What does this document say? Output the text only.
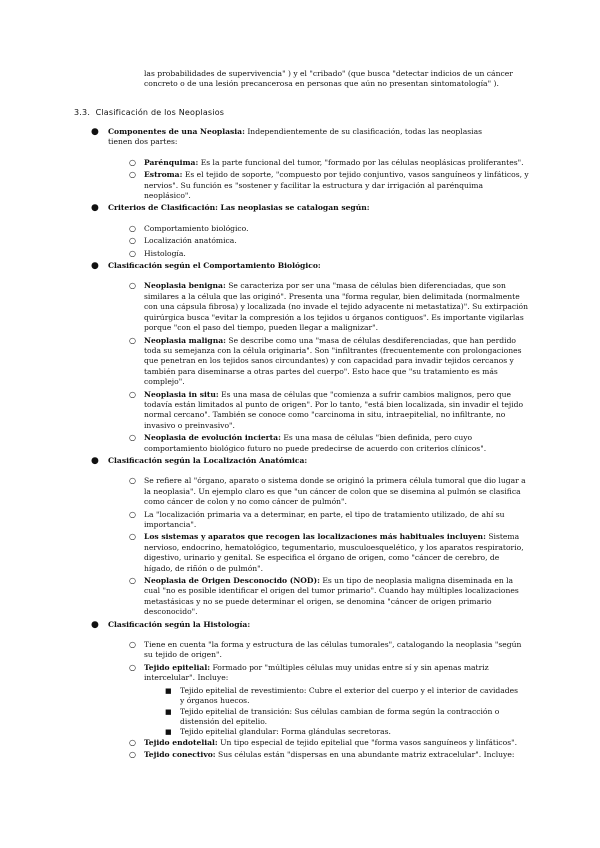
las probabilidades de supervivencia" ) y el "cribado" (que busca "detectar indicios de un cáncer concreto o de una lesión precancerosa en personas que aún no presentan sintomatología" ).
3.3. Clasificación de los Neoplasios
● Componentes de una Neoplasia: Independientemente de su clasificación, todas las neoplasias tienen dos partes:
○ Parénquima: Es la parte funcional del tumor, "formado por las células neoplásicas proliferantes".
○ Estroma: Es el tejido de soporte, "compuesto por tejido conjuntivo, vasos sanguíneos y linfáticos, y nervios". Su función es "sostener y facilitar la estructura y dar irrigación al parénquima neoplásico".
● Criterios de Clasificación: Las neoplasias se catalogan según:
○ Comportamiento biológico.
○ Localización anatómica.
○ Histología.
● Clasificación según el Comportamiento Biológico:
○ Neoplasia benigna: Se caracteriza por ser una "masa de células bien diferenciadas, que son similares a la célula que las originó". Presenta una "forma regular, bien delimitada (normalmente con una cápsula fibrosa) y localizada (no invade el tejido adyacente ni metastatiza)". Su extirpación quirúrgica busca "evitar la compresión a los tejidos u órganos contiguos". Es importante vigilarlas porque "con el paso del tiempo, pueden llegar a malignizar".
○ Neoplasia maligna: Se describe como una "masa de células desdiferenciadas, que han perdido toda su semejanza con la célula originaria". Son "infiltrantes (frecuentemente con prolongaciones que penetran en los tejidos sanos circundantes) y con capacidad para invadir tejidos cercanos y también para diseminarse a otras partes del cuerpo". Esto hace que "su tratamiento es más complejo".
○ Neoplasia in situ: Es una masa de células que "comienza a sufrir cambios malignos, pero que todavía están limitados al punto de origen". Por lo tanto, "está bien localizada, sin invadir el tejido normal cercano". También se conoce como "carcinoma in situ, intraepitelial, no infiltrante, no invasivo o preinvasivo".
○ Neoplasia de evolución incierta: Es una masa de células "bien definida, pero cuyo comportamiento biológico futuro no puede predecirse de acuerdo con criterios clínicos".
● Clasificación según la Localización Anatómica:
○ Se refiere al "órgano, aparato o sistema donde se originó la primera célula tumoral que dio lugar a la neoplasia". Un ejemplo claro es que "un cáncer de colon que se disemina al pulmón se clasifica como cáncer de colon y no como cáncer de pulmón".
○ La "localización primaria va a determinar, en parte, el tipo de tratamiento utilizado, de ahí su importancia".
○ Los sistemas y aparatos que recogen las localizaciones más habituales incluyen: Sistema nervioso, endocrino, hematológico, tegumentario, musculoesquelético, y los aparatos respiratorio, digestivo, urinario y genital. Se especifica el órgano de origen, como "cáncer de cerebro, de hígado, de riñón o de pulmón".
○ Neoplasia de Origen Desconocido (NOD): Es un tipo de neoplasia maligna diseminada en la cual "no es posible identificar el origen del tumor primario". Cuando hay múltiples localizaciones metastásicas y no se puede determinar el origen, se denomina "cáncer de origen primario desconocido".
● Clasificación según la Histología:
○ Tiene en cuenta "la forma y estructura de las células tumorales", catalogando la neoplasia "según su tejido de origen".
○ Tejido epitelial: Formado por "múltiples células muy unidas entre sí y sin apenas matriz intercelular". Incluye:
■ Tejido epitelial de revestimiento: Cubre el exterior del cuerpo y el interior de cavidades y órganos huecos.
■ Tejido epitelial de transición: Sus células cambian de forma según la contracción o distensión del epitelio.
■ Tejido epitelial glandular: Forma glándulas secretoras.
○ Tejido endotelial: Un tipo especial de tejido epitelial que "forma vasos sanguíneos y linfáticos".
○ Tejido conectivo: Sus células están "dispersas en una abundante matriz extracelular". Incluye:
